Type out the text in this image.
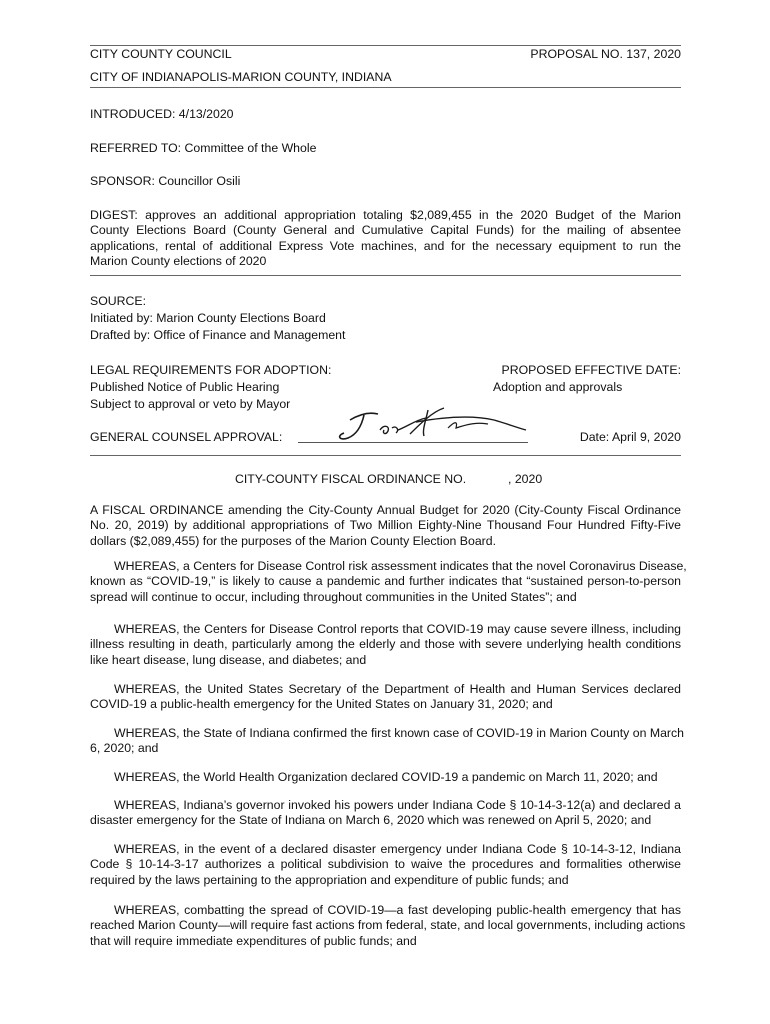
CITY COUNTY COUNCIL	PROPOSAL NO. 137, 2020
CITY OF INDIANAPOLIS-MARION COUNTY, INDIANA
INTRODUCED: 4/13/2020
REFERRED TO: Committee of the Whole
SPONSOR: Councillor Osili
DIGEST: approves an additional appropriation totaling $2,089,455 in the 2020 Budget of the Marion
County Elections Board (County General and Cumulative Capital Funds) for the mailing of absentee
applications, rental of additional Express Vote machines, and for the necessary equipment to run the
Marion County elections of 2020
SOURCE:
Initiated by: Marion County Elections Board
Drafted by: Office of Finance and Management
LEGAL REQUIREMENTS FOR ADOPTION:
Published Notice of Public Hearing
Subject to approval or veto by Mayor
PROPOSED EFFECTIVE DATE:
Adoption and approvals
GENERAL COUNSEL APPROVAL:	Date: April 9, 2020
CITY-COUNTY FISCAL ORDINANCE NO.	, 2020
A FISCAL ORDINANCE amending the City-County Annual Budget for 2020 (City-County Fiscal Ordinance
No. 20, 2019) by additional appropriations of Two Million Eighty-Nine Thousand Four Hundred Fifty-Five
dollars ($2,089,455) for the purposes of the Marion County Election Board.
WHEREAS, a Centers for Disease Control risk assessment indicates that the novel Coronavirus Disease,
known as “COVID-19,” is likely to cause a pandemic and further indicates that “sustained person-to-person
spread will continue to occur, including throughout communities in the United States”; and
WHEREAS, the Centers for Disease Control reports that COVID-19 may cause severe illness, including
illness resulting in death, particularly among the elderly and those with severe underlying health conditions
like heart disease, lung disease, and diabetes; and
WHEREAS, the United States Secretary of the Department of Health and Human Services declared
COVID-19 a public-health emergency for the United States on January 31, 2020; and
WHEREAS, the State of Indiana confirmed the first known case of COVID-19 in Marion County on March
6, 2020; and
WHEREAS, the World Health Organization declared COVID-19 a pandemic on March 11, 2020; and
WHEREAS, Indiana’s governor invoked his powers under Indiana Code § 10-14-3-12(a) and declared a
disaster emergency for the State of Indiana on March 6, 2020 which was renewed on April 5, 2020; and
WHEREAS, in the event of a declared disaster emergency under Indiana Code § 10-14-3-12, Indiana
Code § 10-14-3-17 authorizes a political subdivision to waive the procedures and formalities otherwise
required by the laws pertaining to the appropriation and expenditure of public funds; and
WHEREAS, combatting the spread of COVID-19—a fast developing public-health emergency that has
reached Marion County—will require fast actions from federal, state, and local governments, including actions
that will require immediate expenditures of public funds; and
